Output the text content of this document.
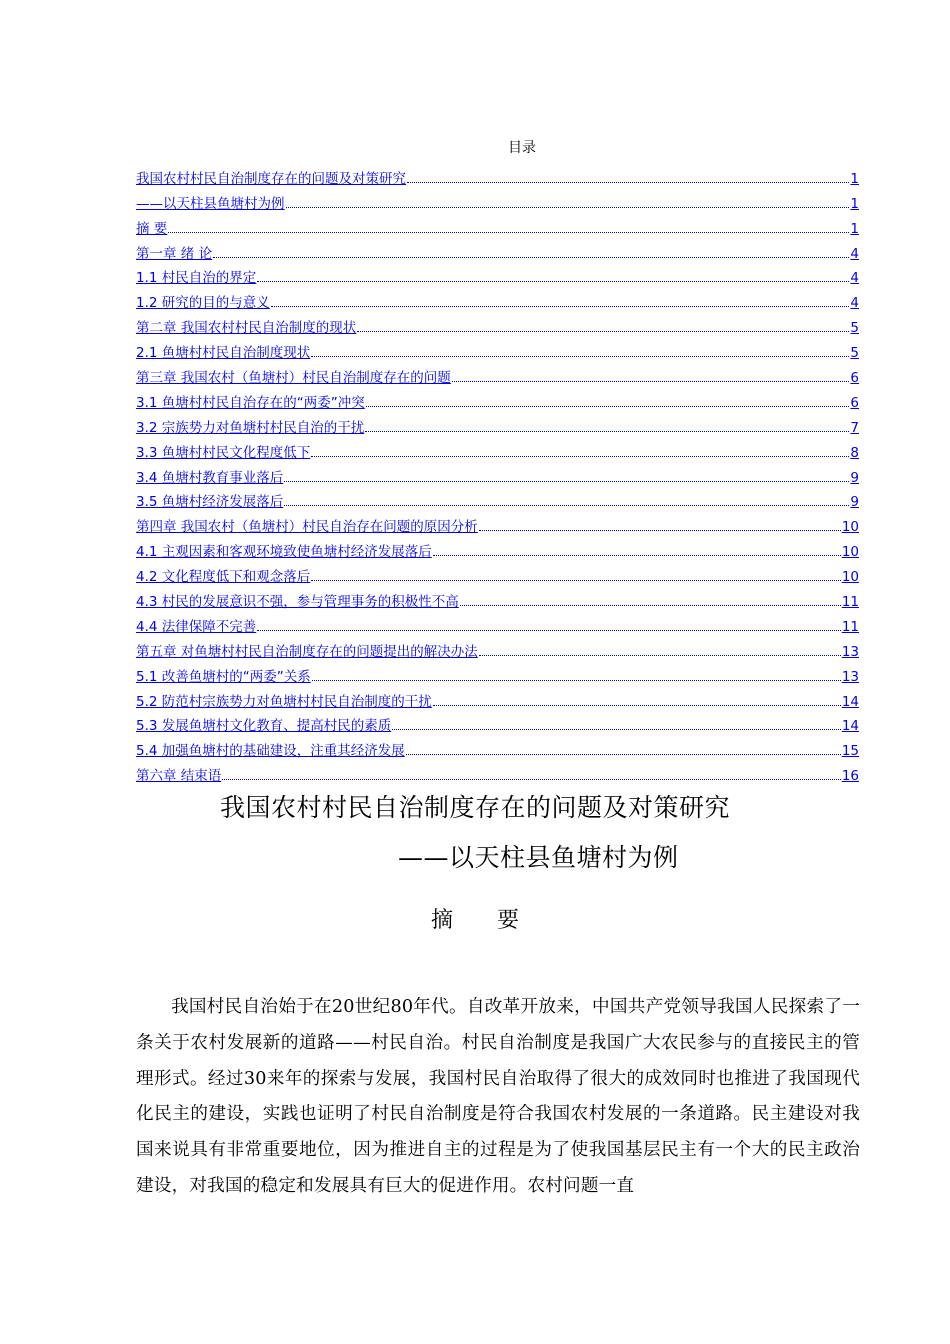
目录
我国农村村民自治制度存在的问题及对策研究	1
——以天柱县鱼塘村为例	1
摘 要	1
第一章 绪 论	4
1.1 村民自治的界定	4
1.2 研究的目的与意义	4
第二章 我国农村村民自治制度的现状	5
2.1 鱼塘村村民自治制度现状	5
第三章 我国农村（鱼塘村）村民自治制度存在的问题	6
3.1 鱼塘村村民自治存在的“两委”冲突	6
3.2 宗族势力对鱼塘村村民自治的干扰	7
3.3 鱼塘村村民文化程度低下	8
3.4 鱼塘村教育事业落后	9
3.5 鱼塘村经济发展落后	9
第四章 我国农村（鱼塘村）村民自治存在问题的原因分析	10
4.1 主观因素和客观环境致使鱼塘村经济发展落后	10
4.2 文化程度低下和观念落后	10
4.3 村民的发展意识不强，参与管理事务的积极性不高	11
4.4 法律保障不完善	11
第五章 对鱼塘村村民自治制度存在的问题提出的解决办法	13
5.1 改善鱼塘村的“两委”关系	13
5.2 防范村宗族势力对鱼塘村村民自治制度的干扰	14
5.3 发展鱼塘村文化教育、提高村民的素质	14
5.4 加强鱼塘村的基础建设，注重其经济发展	15
第六章 结束语	16
我国农村村民自治制度存在的问题及对策研究
——以天柱县鱼塘村为例
摘 要

我国村民自治始于在20世纪80年代。自改革开放来，中国共产党领导我国人民探索了一条关于农村发展新的道路——村民自治。村民自治制度是我国广大农民参与的直接民主的管理形式。经过30来年的探索与发展，我国村民自治取得了很大的成效同时也推进了我国现代化民主的建设，实践也证明了村民自治制度是符合我国农村发展的一条道路。民主建设对我国来说具有非常重要地位，因为推进自主的过程是为了使我国基层民主有一个大的民主政治建设，对我国的稳定和发展具有巨大的促进作用。农村问题一直
